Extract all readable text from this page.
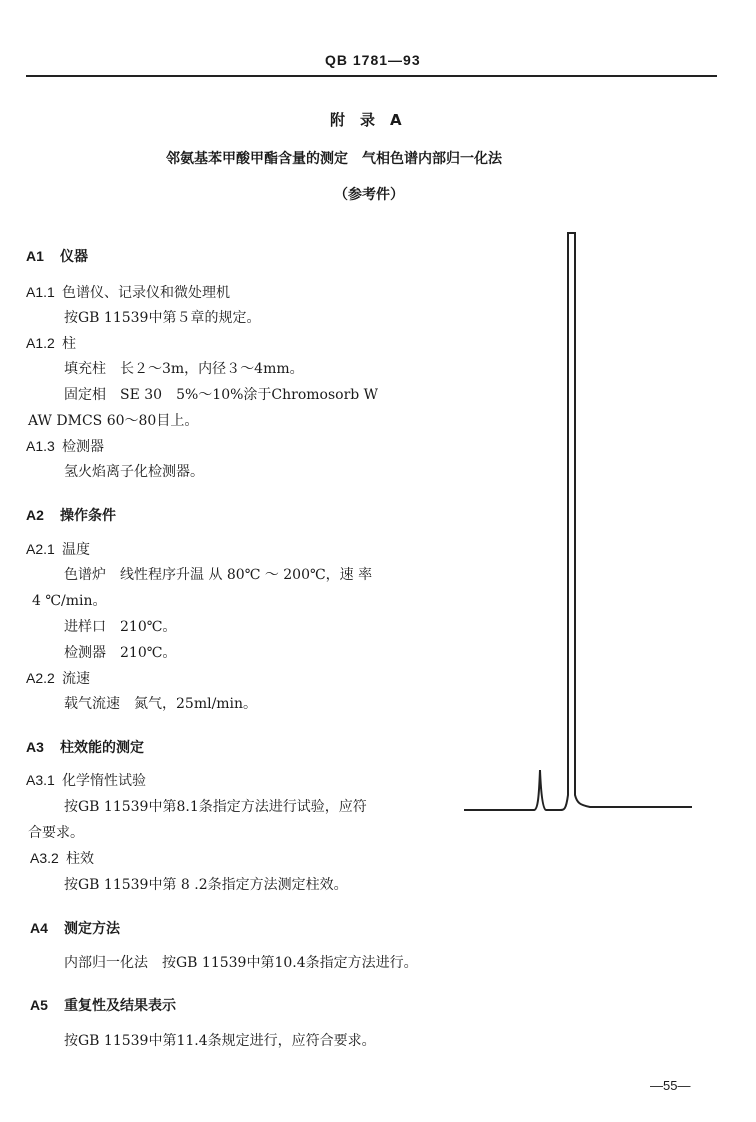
QB 1781—93
附　录　A
邻氨基苯甲酸甲酯含量的测定　气相色谱内部归一化法
（参考件）
A1 仪器
A1.1 色谱仪、记录仪和微处理机
按GB 11539中第５章的规定。
A1.2 柱
填充柱　长２～3m，内径３～4mm。
固定相　SE 30　5%～10%涂于Chromosorb W
AW DMCS 60～80目上。
A1.3 检测器
氢火焰离子化检测器。
A2 操作条件
A2.1 温度
色谱炉　线性程序升温 从 80℃ ～ 200℃，速 率
4 ℃/min。
进样口　210℃。
检测器　210℃。
A2.2 流速
载气流速　氮气，25ml/min。
A3 柱效能的测定
A3.1 化学惰性试验
按GB 11539中第8.1条指定方法进行试验，应符
合要求。
A3.2 柱效
按GB 11539中第 8 .2条指定方法测定柱效。
A4 测定方法
内部归一化法　按GB 11539中第10.4条指定方法进行。
A5 重复性及结果表示
按GB 11539中第11.4条规定进行，应符合要求。
—55—
